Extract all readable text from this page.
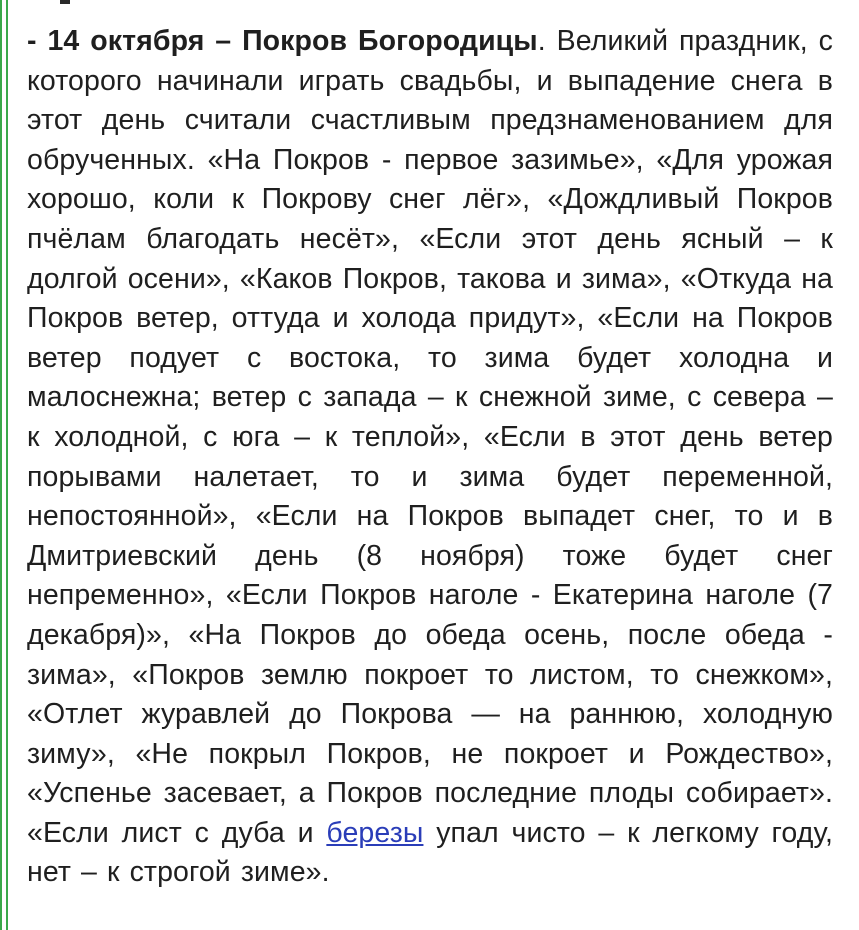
- 14 октября – Покров Богородицы. Великий праздник, с которого начинали играть свадьбы, и выпадение снега в этот день считали счастливым предзнаменованием для обрученных. «На Покров - первое зазимье», «Для урожая хорошо, коли к Покрову снег лёг», «Дождливый Покров пчёлам благодать несёт», «Если этот день ясный – к долгой осени», «Каков Покров, такова и зима», «Откуда на Покров ветер, оттуда и холода придут», «Если на Покров ветер подует с востока, то зима будет холодна и малоснежна; ветер с запада – к снежной зиме, с севера – к холодной, с юга – к теплой», «Если в этот день ветер порывами налетает, то и зима будет переменной, непостоянной», «Если на Покров выпадет снег, то и в Дмитриевский день (8 ноября) тоже будет снег непременно», «Если Покров наголе - Екатерина наголе (7 декабря)», «На Покров до обеда осень, после обеда - зима», «Покров землю покроет то листом, то снежком», «Отлет журавлей до Покрова — на раннюю, холодную зиму», «Не покрыл Покров, не покроет и Рождество», «Успенье засевает, а Покров последние плоды собирает». «Если лист с дуба и березы упал чисто – к легкому году, нет – к строгой зиме».
